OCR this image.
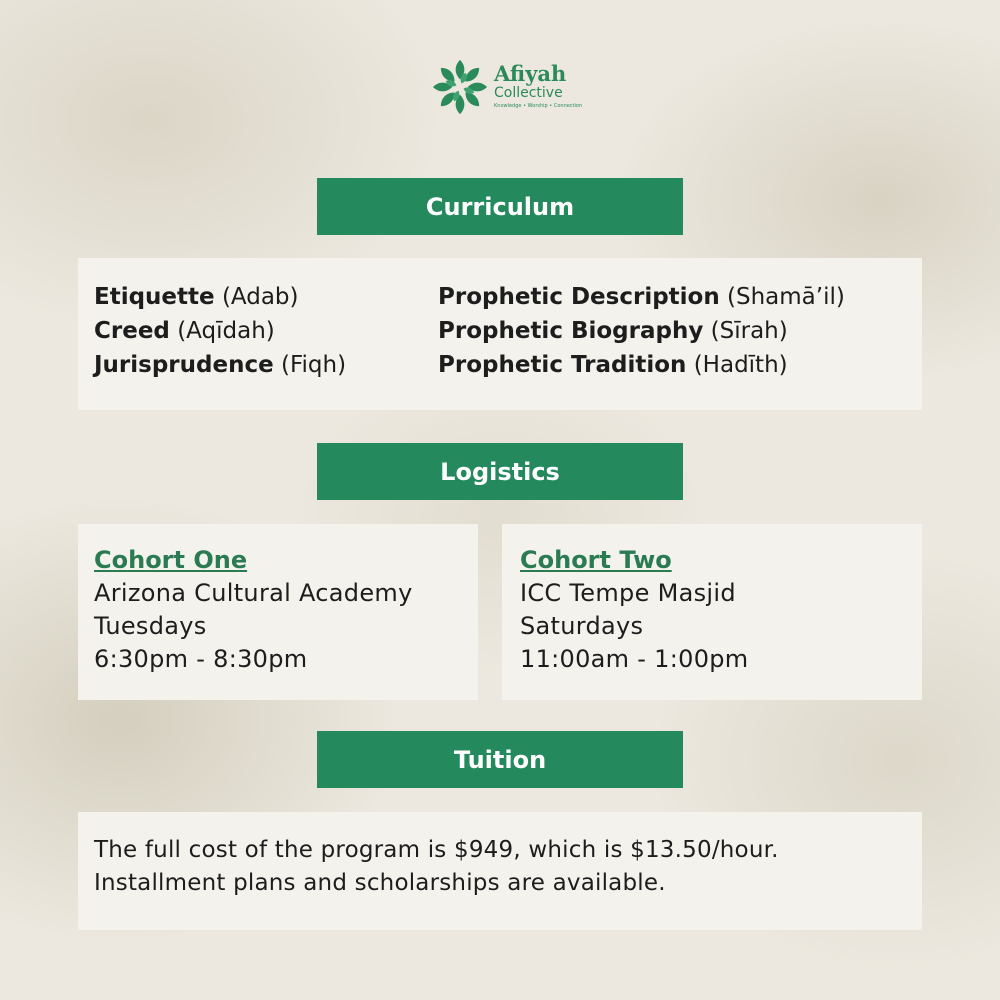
Afiyah
Collective
Knowledge • Worship • Connection
Curriculum
Etiquette (Adab)
Creed (Aqīdah)
Jurisprudence (Fiqh)
Prophetic Description (Shamā’il)
Prophetic Biography (Sīrah)
Prophetic Tradition (Hadīth)
Logistics
Cohort One
Arizona Cultural Academy
Tuesdays
6:30pm - 8:30pm
Cohort Two
ICC Tempe Masjid
Saturdays
11:00am - 1:00pm
Tuition
The full cost of the program is $949, which is $13.50/hour.
Installment plans and scholarships are available.
